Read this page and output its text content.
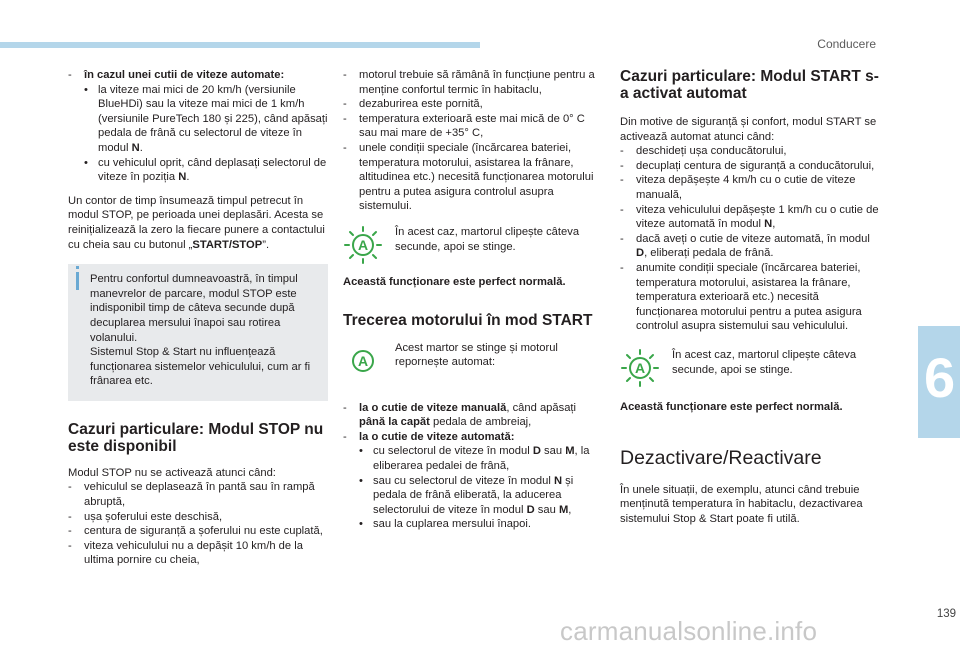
Conducere
6
139
carmanualsonline.info
- în cazul unei cutii de viteze automate:
• la viteze mai mici de 20 km/h (versiunile BlueHDi) sau la viteze mai mici de 1 km/h (versiunile PureTech 180 și 225), când apăsați pedala de frână cu selectorul de viteze în modul N.
• cu vehiculul oprit, când deplasați selectorul de viteze în poziția N.

Un contor de timp însumează timpul petrecut în modul STOP, pe perioada unei deplasări. Acesta se reinițializează la zero la fiecare punere a contactului cu cheia sau cu butonul „START/STOP”.

Pentru confortul dumneavoastră, în timpul manevrelor de parcare, modul STOP este indisponibil timp de câteva secunde după decuplarea mersului înapoi sau rotirea volanului.

Sistemul Stop & Start nu influențează funcționarea sistemelor vehiculului, cum ar fi frânarea etc.

Cazuri particulare: Modul STOP nu este disponibil

Modul STOP nu se activează atunci când:

- vehiculul se deplasează în pantă sau în rampă abruptă,
- ușa șoferului este deschisă,
- centura de siguranță a șoferului nu este cuplată,
- viteza vehiculului nu a depășit 10 km/h de la ultima pornire cu cheia,
- motorul trebuie să rămână în funcțiune pentru a menține confortul termic în habitaclu,
- dezaburirea este pornită,
- temperatura exterioară este mai mică de 0° C sau mai mare de +35° C,
- unele condiții speciale (încărcarea bateriei, temperatura motorului, asistarea la frânare, altitudinea etc.) necesită funcționarea motorului pentru a putea asigura controlul asupra sistemului.
A

În acest caz, martorul clipește câteva secunde, apoi se stinge.

Această funcționare este perfect normală.

Trecerea motorului în mod START
A

Acest martor se stinge și motorul repornește automat:

- la o cutie de viteze manuală, când apăsați până la capăt pedala de ambreiaj,
- la o cutie de viteze automată:
• cu selectorul de viteze în modul D sau M, la eliberarea pedalei de frână,
• sau cu selectorul de viteze în modul N și pedala de frână eliberată, la aducerea selectorului de viteze în modul D sau M,
• sau la cuplarea mersului înapoi.
Cazuri particulare: Modul START s-a activat automat

Din motive de siguranță și confort, modul START se activează automat atunci când:

- deschideți ușa conducătorului,
- decuplați centura de siguranță a conducătorului,
- viteza depășește 4 km/h cu o cutie de viteze manuală,
- viteza vehiculului depășește 1 km/h cu o cutie de viteze automată în modul N,
- dacă aveți o cutie de viteze automată, în modul D, eliberați pedala de frână.
- anumite condiții speciale (încărcarea bateriei, temperatura motorului, asistarea la frânare, temperatura exterioară etc.) necesită funcționarea motorului pentru a putea asigura controlul asupra sistemului sau vehiculului.
A

În acest caz, martorul clipește câteva secunde, apoi se stinge.

Această funcționare este perfect normală.

Dezactivare/Reactivare

În unele situații, de exemplu, atunci când trebuie menținută temperatura în habitaclu, dezactivarea sistemului Stop & Start poate fi utilă.
